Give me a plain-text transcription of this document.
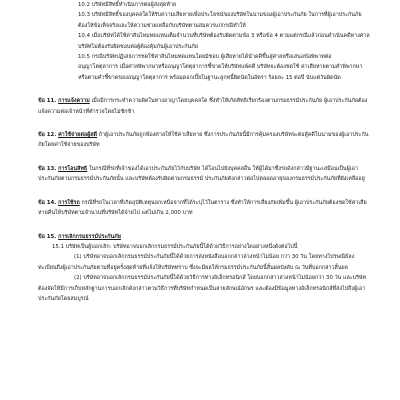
10.2 บริษัทมีสิทธิ์ทำเนินการต่อผู้ส่งสุดท้าย

10.3 บริษัทมีสิทธิ์ของบุคคลใดให้รับความเสียหายเพื่อประโยชน์ของบริษัทในนามของผู้เอาประกันภัย ในการที่ผู้เอาประกันภัยต้องให้ข้อเท็จจริงและให้ความช่วยเหลือกับบริษัทตามสมควรแก่กรณีทำให้

10.4 เมื่อบริษัทได้ใช้ค่าสินไหมทดแทนเต็มจำนวนที่บริษัทต้องรับผิดตามข้อ 3 หรือข้อ 4 ตามแต่กรณีแล้วก่อนดำเนินคดีทางศาล บริษัทไม่ต้องรับผิดชอบต่อผู้ต้องคุ้มกันผู้เอาประกันภัย

10.5 กรณีบริษัทปฏิเสธการชดใช้ค่าสินไหมทดแทนโดยมิชอบ ผู้เสียหายได้นำคดีขึ้นสู่ศาลหรือเสนอข้อพิพาทต่ออนุญาโตตุลาการ เมื่อศาลพิพากษาหรืออนุญาโตตุลาการชี้ขาดให้บริษัทแพ้คดี บริษัทจะต้องชดใช้ ค่าเสียหายตามคำพิพากษาหรือตามคำชี้ขาดของอนุญาโตตุลาการ พร้อมดอกเบี้ยในฐานะลูกหนี้ผิดนัดในอัตรา ร้อยละ 15 ต่อปี นับแต่วันผิดนัด

ข้อ 11. การแจ้งความ เมื่อมีการกระทำความผิดในทางอาญาโดยบุคคลใด ซึ่งทำให้เกิดสิทธิเรียกร้องตามกรมธรรม์ประกันภัย ผู้เอาประกันภัยต้องแจ้งความต่อเจ้าหน้าที่ตำรวจโดยไม่ชักช้า

ข้อ 12. ค่าใช้จ่ายต่อผู้สดี ถ้าผู้เอาประกันภัยถูกฟ้องศาลให้ใช้ค่าเสียหาย ซึ่งการประกันภัยนี้มีการคุ้มครองบริษัทจะต่อสู้คดีในนามของผู้เอาประกันภัยโดยค่าใช้จ่ายของบริษัท

ข้อ 13. การโอนสิทธิ ในกรณีที่รถที่เจ้าของได้เอาประกันภัยไว้กับบริษัท ได้โอนไปยังบุคคลอื่น ให้ผู้ได้มาซึ่งรถดังกล่าวมีฐานะเสมือนเป็นผู้เอาประกันภัยตามกรมธรรม์ประกันภัยนั้น และบริษัทต้องรับผิดตามกรมธรรม์ ประกันภัยดังกล่าวต่อไปตลอดอายุของกรมธรรม์ประกันภัยที่ยังเหลืออยู่

ข้อ 14. การใช้รถ กรณีที่รถในเวลาที่เกิดอุบัติเหตุนอกเหนือจากที่ได้ระบุไว้ในตาราง ซึ่งทำให้การเสี่ยงภัยเพิ่มขึ้น ผู้เอาประกันภัยต้องชดใช้ค่าเสียหายคืนให้บริษัทตามจำนวนที่บริษัทได้จ่ายไป แต่ไม่เกิน 2,000 บาท

ข้อ 15. การเลิกกรมธรรม์ประกันภัย

15.1 บริษัทเป็นผู้บอกเลิก: บริษัทอาจบอกเลิกกรมธรรม์ประกันภัยนี้ได้ด้วยวิธีการอย่างใดอย่างหนึ่งดังต่อไปนี้

(1) บริษัทอาจบอกเลิกกรมธรรม์ประกันภัยนี้ได้ด้วยการส่งหนังสือบอกกล่าวล่วงหน้าไม่น้อย กว่า 30 วัน โดยทางไปรษณีย์ลงทะเบียนถึงผู้เอาประกันภัยตามที่อยู่ครั้งสุดท้ายที่แจ้งให้บริษัททราบ ซึ่งจะมีผลให้กรมธรรม์ประกันภัยนี้สิ้นผลบังคับ ณ วันที่บอกกล่าวสิ้นผล

(2) บริษัทอาจบอกเลิกกรมธรรม์ประกันภัยนี้ได้ด้วยวิธีการทางอิเล็กทรอนิกส์ โดยบอกกล่าวล่วงหน้าไม่น้อยกว่า 30 วัน และบริษัทต้องจัดให้มีการเก็บหลักฐานการบอกเลิกดังกล่าวตามวิธีการที่บริษัทกำหนดเป็นลายลักษณ์อักษร และต้องมีข้อมูลทางอิเล็กทรอนิกส์ที่ส่งไปถึงผู้เอาประกันภัยโดยสมบูรณ์
